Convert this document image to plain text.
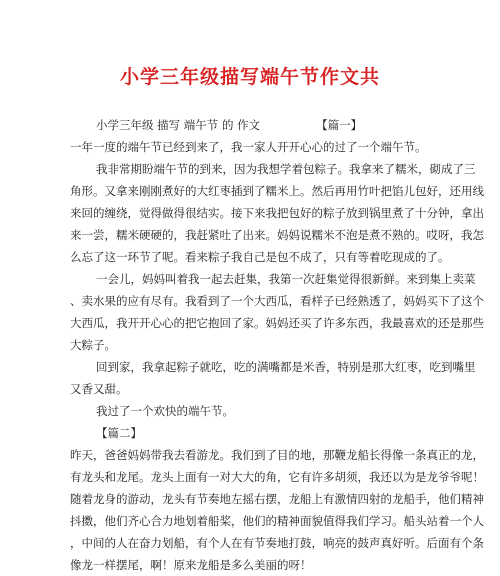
小学三年级描写端午节作文共
小学三年级 描写 端午节 的 作文	【篇一】
一年一度的端午节已经到来了，我一家人开开心心的过了一个端午节。
我非常期盼端午节的到来，因为我想学着包粽子。我拿来了糯米，砌成了三
角形。又拿来刚刚煮好的大红枣插到了糯米上。然后再用竹叶把馅儿包好，还用线
来回的缠绕，觉得做得很结实。接下来我把包好的粽子放到锅里煮了十分钟，拿出
来一尝，糯米硬硬的，我赶紧吐了出来。妈妈说糯米不泡是煮不熟的。哎呀，我怎
么忘了这一环节了呢。看来粽子我自己是包不成了，只有等着吃现成的了。
一会儿，妈妈叫着我一起去赶集，我第一次赶集觉得很新鲜。来到集上卖菜
、卖水果的应有尽有。我看到了一个大西瓜，看样子已经熟透了，妈妈买下了这个
大西瓜，我开开心心的把它抱回了家。妈妈还买了许多东西，我最喜欢的还是那些
大粽子。
回到家，我拿起粽子就吃，吃的满嘴都是米香，特别是那大红枣，吃到嘴里
又香又甜。
我过了一个欢快的端午节。
【篇二】
昨天，爸爸妈妈带我去看游龙。我们到了目的地，那鞭龙船长得像一条真正的龙，
有龙头和龙尾。龙头上面有一对大大的角，它有许多胡须，我还以为是龙爷爷呢！
随着龙身的游动，龙头有节奏地左摇右摆，龙船上有激情四射的龙船手，他们精神
抖擞，他们齐心合力地划着船桨，他们的精神面貌值得我们学习。船头站着一个人
，中间的人在奋力划船，有个人在有节奏地打鼓，响亮的鼓声真好听。后面有个条
像龙一样摆尾，啊！原来龙船是多么美丽的呀！
